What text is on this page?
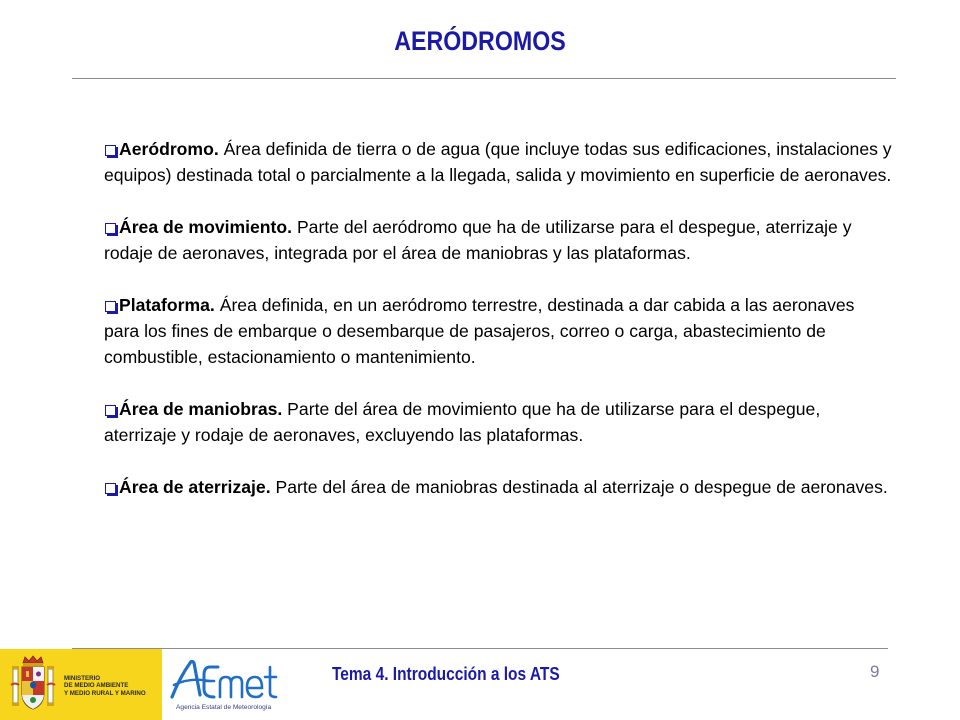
AERÓDROMOS

Aeródromo. Área definida de tierra o de agua (que incluye todas sus edificaciones, instalaciones y equipos) destinada total o parcialmente a la llegada, salida y movimiento en superficie de aeronaves.

Área de movimiento. Parte del aeródromo que ha de utilizarse para el despegue, aterrizaje y rodaje de aeronaves, integrada por el área de maniobras y las plataformas.

Plataforma. Área definida, en un aeródromo terrestre, destinada a dar cabida a las aeronaves para los fines de embarque o desembarque de pasajeros, correo o carga, abastecimiento de combustible, estacionamiento o mantenimiento.

Área de maniobras. Parte del área de movimiento que ha de utilizarse para el despegue, aterrizaje y rodaje de aeronaves, excluyendo las plataformas.

Área de aterrizaje. Parte del área de maniobras destinada al aterrizaje o despegue de aeronaves.

MINISTERIO
DE MEDIO AMBIENTE
Y MEDIO RURAL Y MARINO
Agencia Estatal de Meteorología
Tema 4. Introducción a los ATS	9
